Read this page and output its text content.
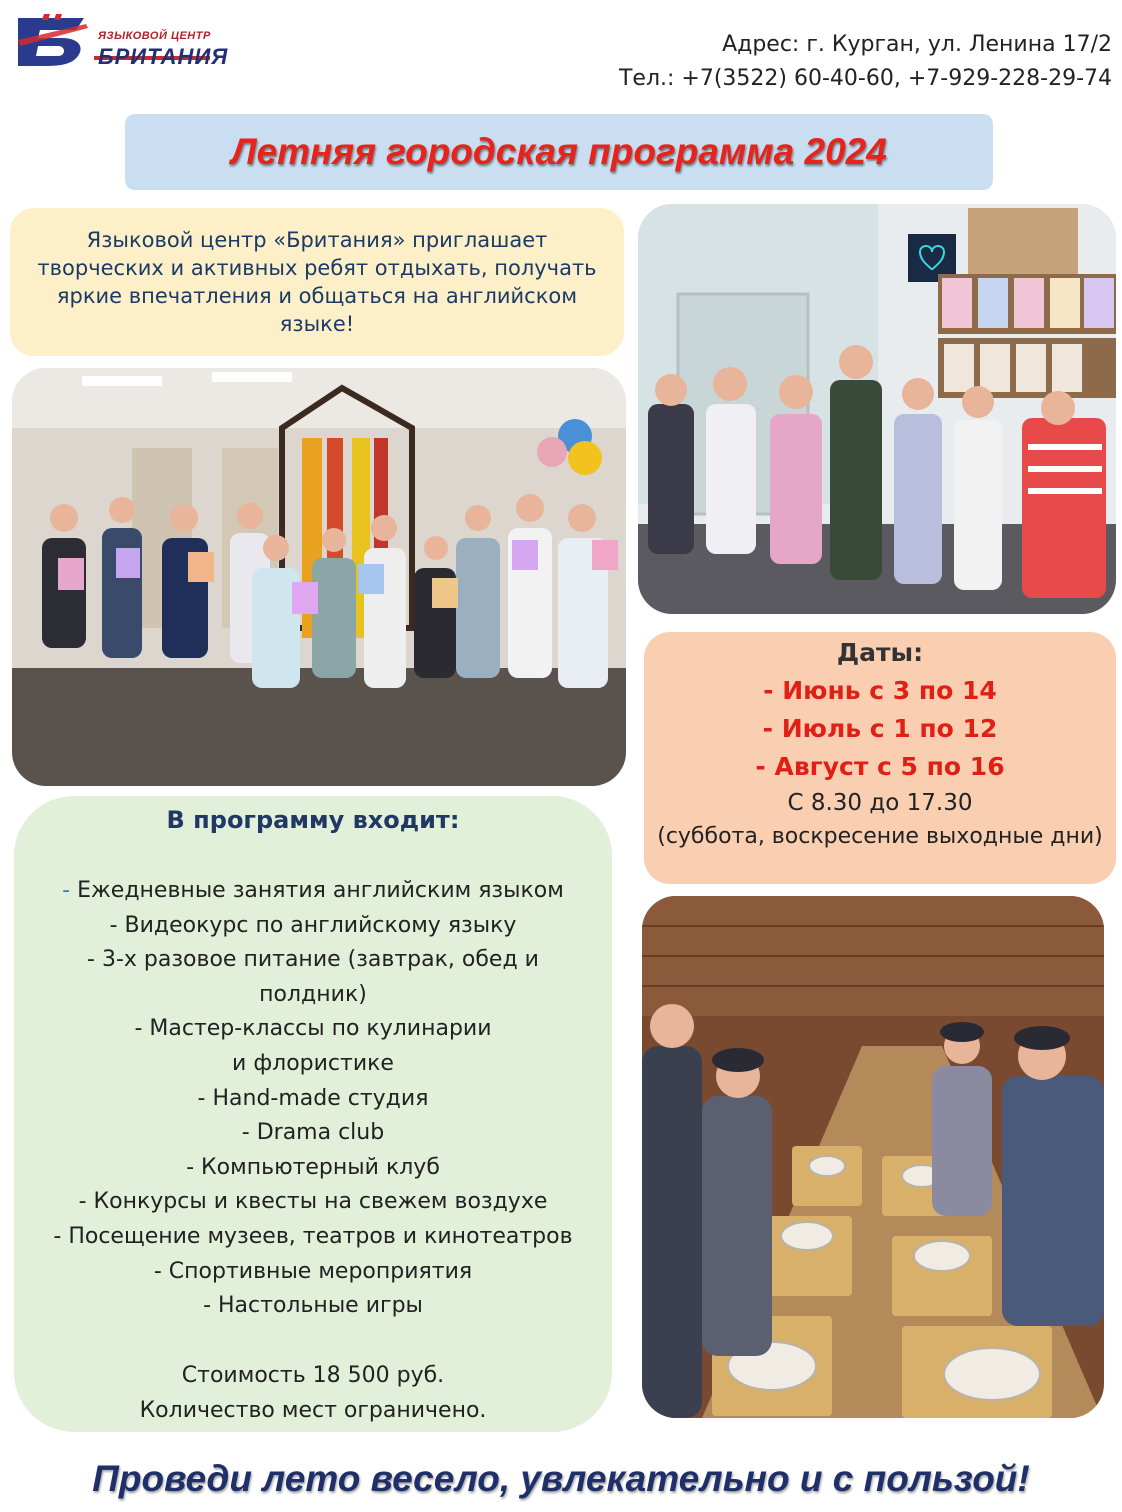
ЯЗЫКОВОЙ ЦЕНТР
БРИТАНИЯ	Адрес: г. Курган, ул. Ленина 17/2
Тел.: +7(3522) 60-40-60, +7-929-228-29-74
Летняя городская программа 2024
Языковой центр «Британия» приглашает творческих и активных ребят отдыхать, получать яркие впечатления и общаться на английском языке!
Даты:
- Июнь с 3 по 14
- Июль с 1 по 12
- Август с 5 по 16
С 8.30 до 17.30
(суббота, воскресение выходные дни)
В программу входит:
- Ежедневные занятия английским языком
- Видеокурс по английскому языку
- 3-х разовое питание (завтрак, обед и
полдник)
- Мастер-классы по кулинарии
и флористике
- Hand-made студия
- Drama club
- Компьютерный клуб
- Конкурсы и квесты на свежем воздухе
- Посещение музеев, театров и кинотеатров
- Спортивные мероприятия
- Настольные игры
Стоимость 18 500 руб.
Количество мест ограничено.
Проведи лето весело, увлекательно и с пользой!
